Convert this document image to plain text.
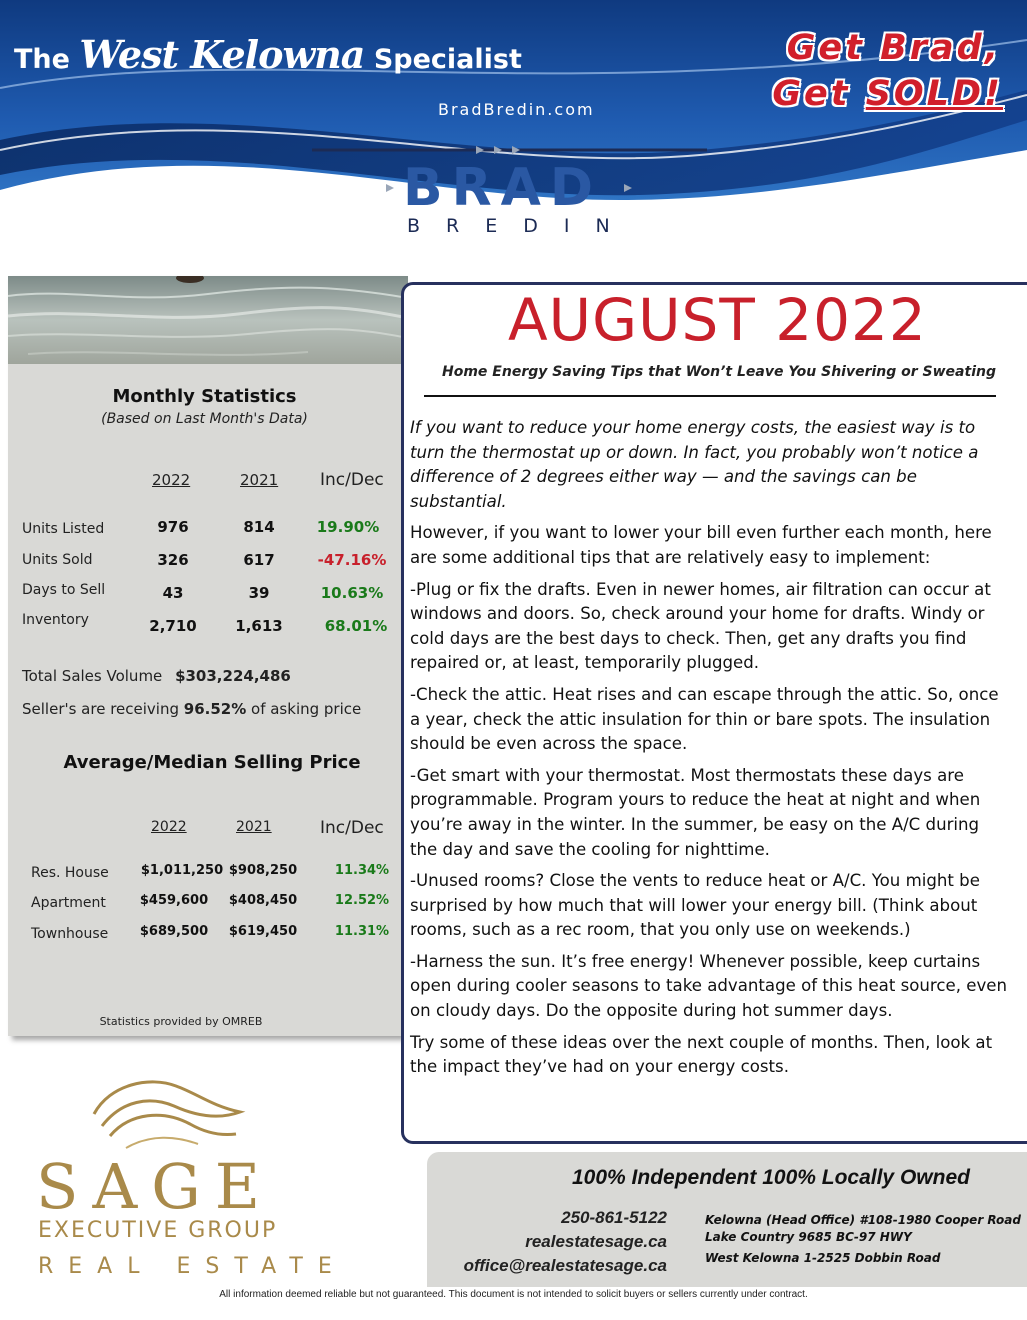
The West Kelowna Specialist
BradBredin.com
Get Brad,
Get SOLD!
BRAD
BREDIN
Monthly Statistics
(Based on Last Month's Data)
2022	2021 Inc/Dec
Units Listed	976	814	19.90%
Units Sold	326	617	-47.16%
Days to Sell	43	39	10.63%
Inventory	2,710	1,613	68.01%
Total Sales Volume $303,224,486
Seller's are receiving 96.52% of asking price
Average/Median Selling Price
2022	2021	Inc/Dec
Res. House $1,011,250 $908,250	11.34%
Apartment	$459,600	$408,450	12.52%
Townhouse	$689,500	$619,450	11.31%
Statistics provided by OMREB
AUGUST 2022
Home Energy Saving Tips that Won’t Leave You Shivering or Sweating

If you want to reduce your home energy costs, the easiest way is to turn the thermostat up or down. In fact, you probably won’t notice a difference of 2 degrees either way — and the savings can be substantial.

However, if you want to lower your bill even further each month, here are some additional tips that are relatively easy to implement:

-Plug or fix the drafts. Even in newer homes, air filtration can occur at windows and doors. So, check around your home for drafts. Windy or cold days are the best days to check. Then, get any drafts you find repaired or, at least, temporarily plugged.

-Check the attic. Heat rises and can escape through the attic. So, once a year, check the attic insulation for thin or bare spots. The insulation should be even across the space.

-Get smart with your thermostat. Most thermostats these days are programmable. Program yours to reduce the heat at night and when you’re away in the winter. In the summer, be easy on the A/C during the day and save the cooling for nighttime.

-Unused rooms? Close the vents to reduce heat or A/C. You might be surprised by how much that will lower your energy bill. (Think about rooms, such as a rec room, that you only use on weekends.)

-Harness the sun. It’s free energy! Whenever possible, keep curtains open during cooler seasons to take advantage of this heat source, even on cloudy days. Do the opposite during hot summer days.

Try some of these ideas over the next couple of months. Then, look at the impact they’ve had on your energy costs.

SAGE
EXECUTIVE GROUP
REAL ESTATE
100% Independent 100% Locally Owned
250-861-5122
realestatesage.ca
office@realestatesage.ca
Kelowna (Head Office) #108-1980 Cooper Road
Lake Country 9685 BC-97 HWY
West Kelowna 1-2525 Dobbin Road
All information deemed reliable but not guaranteed. This document is not intended to solicit buyers or sellers currently under contract.
